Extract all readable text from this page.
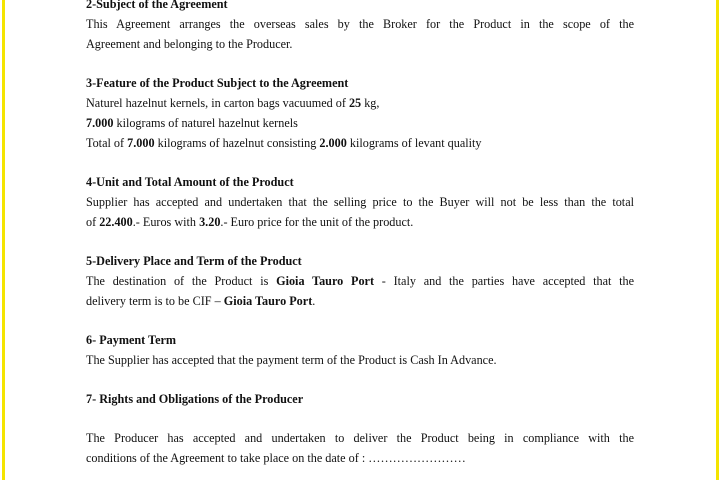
2-Subject of the Agreement

This Agreement arranges the overseas sales by the Broker for the Product in the scope of the

Agreement and belonging to the Producer.

3-Feature of the Product Subject to the Agreement

Naturel hazelnut kernels, in carton bags vacuumed of 25 kg,

7.000 kilograms of naturel hazelnut kernels

Total of 7.000 kilograms of hazelnut consisting 2.000 kilograms of levant quality

4-Unit and Total Amount of the Product

Supplier has accepted and undertaken that the selling price to the Buyer will not be less than the total

of 22.400.- Euros with 3.20.- Euro price for the unit of the product.

5-Delivery Place and Term of the Product

The destination of the Product is Gioia Tauro Port - Italy and the parties have accepted that the

delivery term is to be CIF – Gioia Tauro Port.

6- Payment Term

The Supplier has accepted that the payment term of the Product is Cash In Advance.

7- Rights and Obligations of the Producer

The Producer has accepted and undertaken to deliver the Product being in compliance with the

conditions of the Agreement to take place on the date of : ……………………
